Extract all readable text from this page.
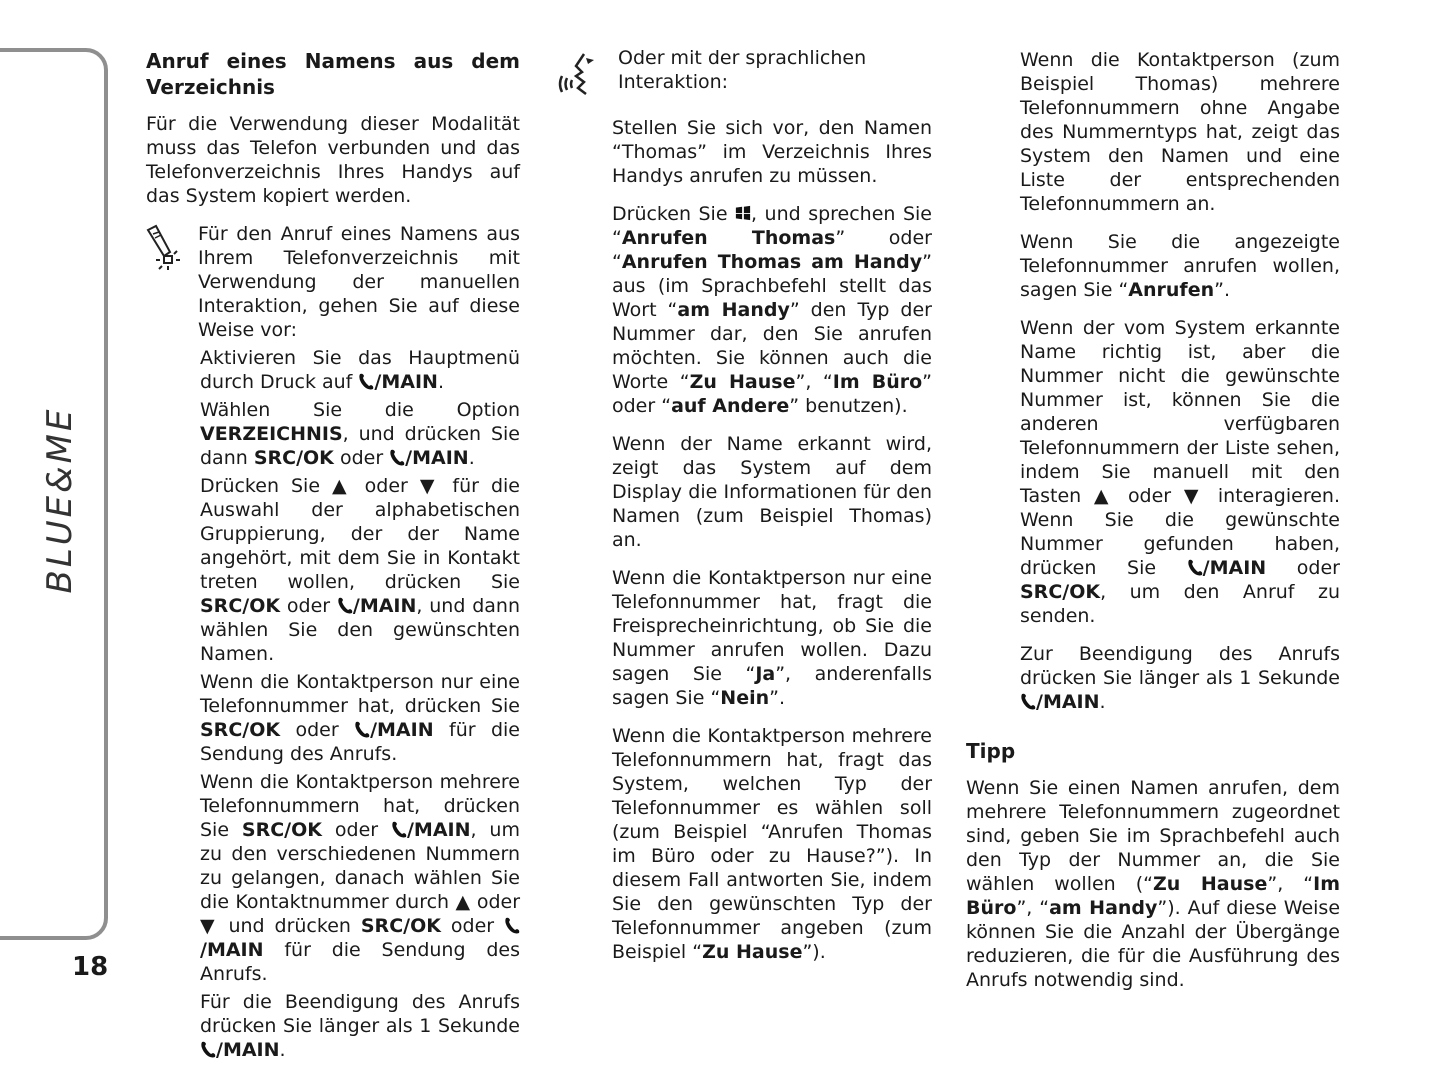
BLUE&ME
18
Anruf eines Namens aus dem Verzeichnis

Für die Verwendung dieser Modalität muss das Telefon verbunden und das Telefonverzeichnis Ihres Handys auf das System kopiert werden.

Für den Anruf eines Namens aus Ihrem Telefonverzeichnis mit Verwendung der manuellen Interaktion, gehen Sie auf diese Weise vor:

Aktivieren Sie das Hauptmenü durch Druck auf /MAIN.

Wählen Sie die Option VERZEICHNIS, und drücken Sie dann SRC/OK oder /MAIN.

Drücken Sie ▲ oder ▼ für die Auswahl der alphabetischen Gruppierung, der der Name angehört, mit dem Sie in Kontakt treten wollen, drücken Sie SRC/OK oder /MAIN, und dann wählen Sie den gewünschten Namen.

Wenn die Kontaktperson nur eine Telefonnummer hat, drücken Sie SRC/OK oder /MAIN für die Sendung des Anrufs.

Wenn die Kontaktperson mehrere Telefonnummern hat, drücken Sie SRC/OK oder /MAIN, um zu den verschiedenen Nummern zu gelangen, danach wählen Sie die Kontaktnummer durch ▲ oder ▼ und drücken SRC/OK oder /MAIN für die Sendung des Anrufs.

Für die Beendigung des Anrufs drücken Sie länger als 1 Sekunde /MAIN.

Oder mit der sprachlichen Interaktion:

Stellen Sie sich vor, den Namen “Thomas” im Verzeichnis Ihres Handys anrufen zu müssen.

Drücken Sie , und sprechen Sie “Anrufen Thomas” oder “Anrufen Thomas am Handy” aus (im Sprachbefehl stellt das Wort “am Handy” den Typ der Nummer dar, den Sie anrufen möchten. Sie können auch die Worte “Zu Hause”, “Im Büro” oder “auf Andere” benutzen).

Wenn der Name erkannt wird, zeigt das System auf dem Display die Informationen für den Namen (zum Beispiel Thomas) an.

Wenn die Kontaktperson nur eine Telefonnummer hat, fragt die Freisprecheinrichtung, ob Sie die Nummer anrufen wollen. Dazu sagen Sie “Ja”, anderenfalls sagen Sie “Nein”.

Wenn die Kontaktperson mehrere Telefonnummern hat, fragt das System, welchen Typ der Telefonnummer es wählen soll (zum Beispiel “Anrufen Thomas im Büro oder zu Hause?”). In diesem Fall antworten Sie, indem Sie den gewünschten Typ der Telefonnummer angeben (zum Beispiel “Zu Hause”).

Wenn die Kontaktperson (zum Beispiel Thomas) mehrere Telefonnummern ohne Angabe des Nummerntyps hat, zeigt das System den Namen und eine Liste der entsprechenden Telefonnummern an.

Wenn Sie die angezeigte Telefonnummer anrufen wollen, sagen Sie “Anrufen”.

Wenn der vom System erkannte Name richtig ist, aber die Nummer nicht die gewünschte Nummer ist, können Sie die anderen verfügbaren Telefonnummern der Liste sehen, indem Sie manuell mit den Tasten ▲ oder ▼ interagieren. Wenn Sie die gewünschte Nummer gefunden haben, drücken Sie /MAIN oder SRC/OK, um den Anruf zu senden.

Zur Beendigung des Anrufs drücken Sie länger als 1 Sekunde /MAIN.

Tipp

Wenn Sie einen Namen anrufen, dem mehrere Telefonnummern zugeordnet sind, geben Sie im Sprachbefehl auch den Typ der Nummer an, die Sie wählen wollen (“Zu Hause”, “Im Büro”, “am Handy”). Auf diese Weise können Sie die Anzahl der Übergänge reduzieren, die für die Ausführung des Anrufs notwendig sind.
